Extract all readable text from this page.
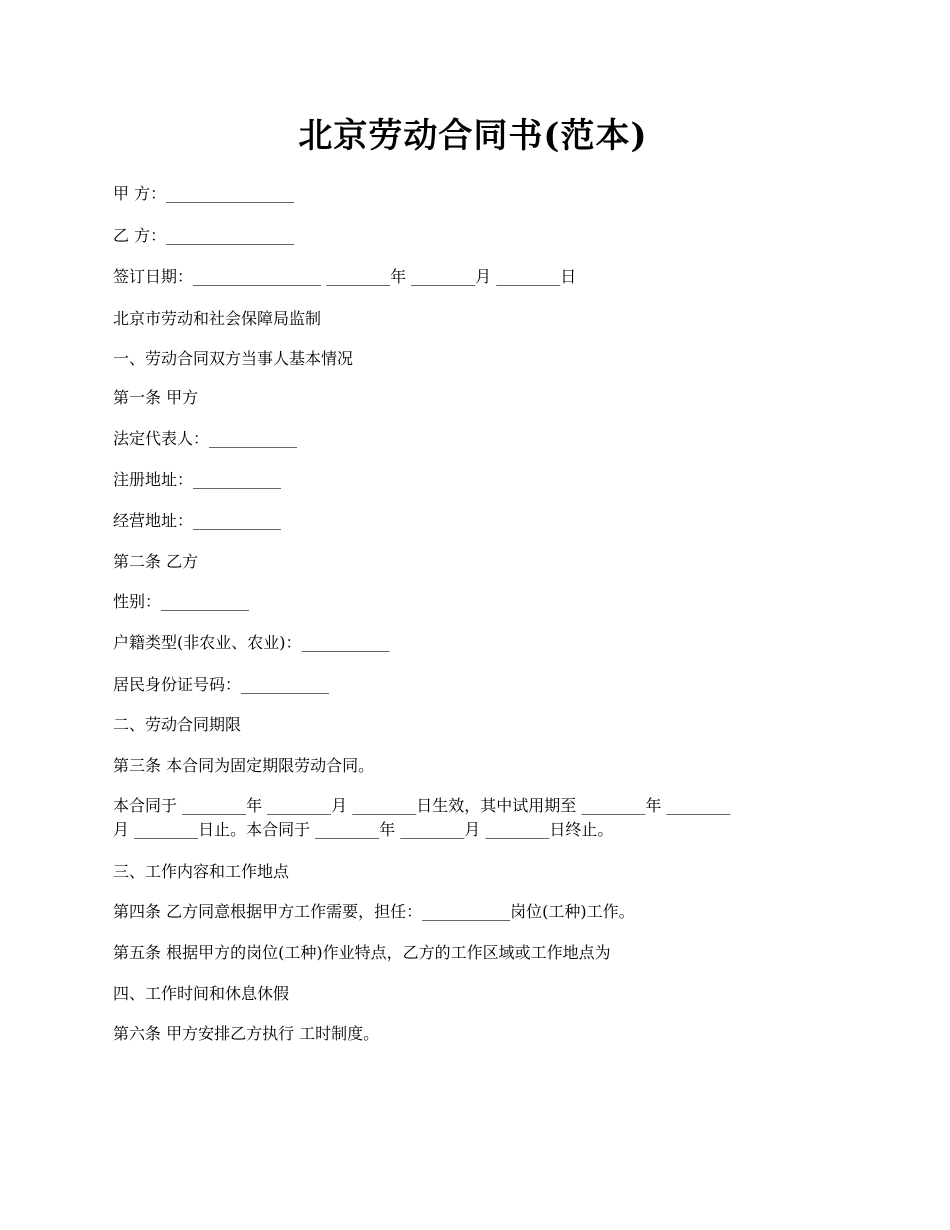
北京劳动合同书(范本)
甲 方：________________
乙 方：________________
签订日期：________________ ________年 ________月 ________日
北京市劳动和社会保障局监制
一、劳动合同双方当事人基本情况
第一条 甲方
法定代表人：___________
注册地址：___________
经营地址：___________
第二条 乙方
性别：___________
户籍类型(非农业、农业)：___________
居民身份证号码：___________
二、劳动合同期限
第三条 本合同为固定期限劳动合同。
本合同于 ________年 ________月 ________日生效，其中试用期至 ________年 ________
月 ________日止。本合同于 ________年 ________月 ________日终止。
三、工作内容和工作地点
第四条 乙方同意根据甲方工作需要，担任：___________岗位(工种)工作。
第五条 根据甲方的岗位(工种)作业特点，乙方的工作区域或工作地点为
四、工作时间和休息休假
第六条 甲方安排乙方执行 工时制度。
